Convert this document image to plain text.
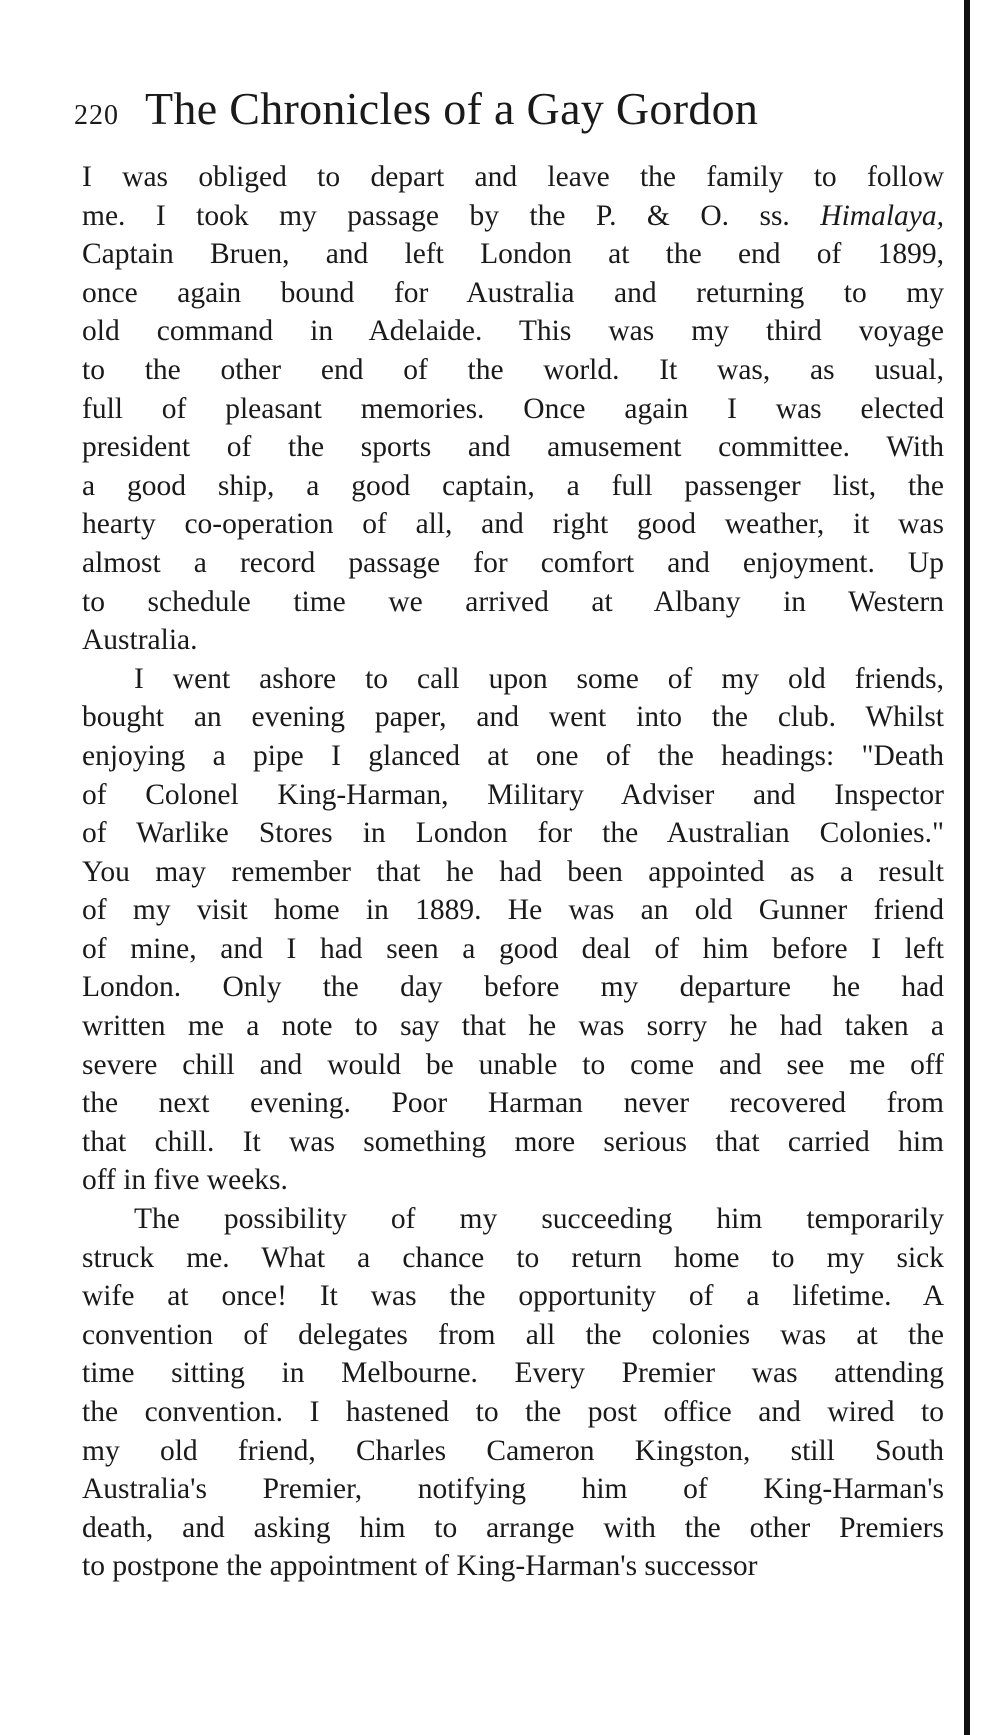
220 The Chronicles of a Gay Gordon
I was obliged to depart and leave the family to follow
me. I took my passage by the P. & O. ss. Himalaya,
Captain Bruen, and left London at the end of 1899,
once again bound for Australia and returning to my
old command in Adelaide. This was my third voyage
to the other end of the world. It was, as usual,
full of pleasant memories. Once again I was elected
president of the sports and amusement committee. With
a good ship, a good captain, a full passenger list, the
hearty co-operation of all, and right good weather, it was
almost a record passage for comfort and enjoyment. Up
to schedule time we arrived at Albany in Western
Australia.
I went ashore to call upon some of my old friends,
bought an evening paper, and went into the club. Whilst
enjoying a pipe I glanced at one of the headings: "Death
of Colonel King-Harman, Military Adviser and Inspector
of Warlike Stores in London for the Australian Colonies."
You may remember that he had been appointed as a result
of my visit home in 1889. He was an old Gunner friend
of mine, and I had seen a good deal of him before I left
London. Only the day before my departure he had
written me a note to say that he was sorry he had taken a
severe chill and would be unable to come and see me off
the next evening. Poor Harman never recovered from
that chill. It was something more serious that carried him
off in five weeks.
The possibility of my succeeding him temporarily
struck me. What a chance to return home to my sick
wife at once! It was the opportunity of a lifetime. A
convention of delegates from all the colonies was at the
time sitting in Melbourne. Every Premier was attending
the convention. I hastened to the post office and wired to
my old friend, Charles Cameron Kingston, still South
Australia's Premier, notifying him of King-Harman's
death, and asking him to arrange with the other Premiers
to postpone the appointment of King-Harman's successor
